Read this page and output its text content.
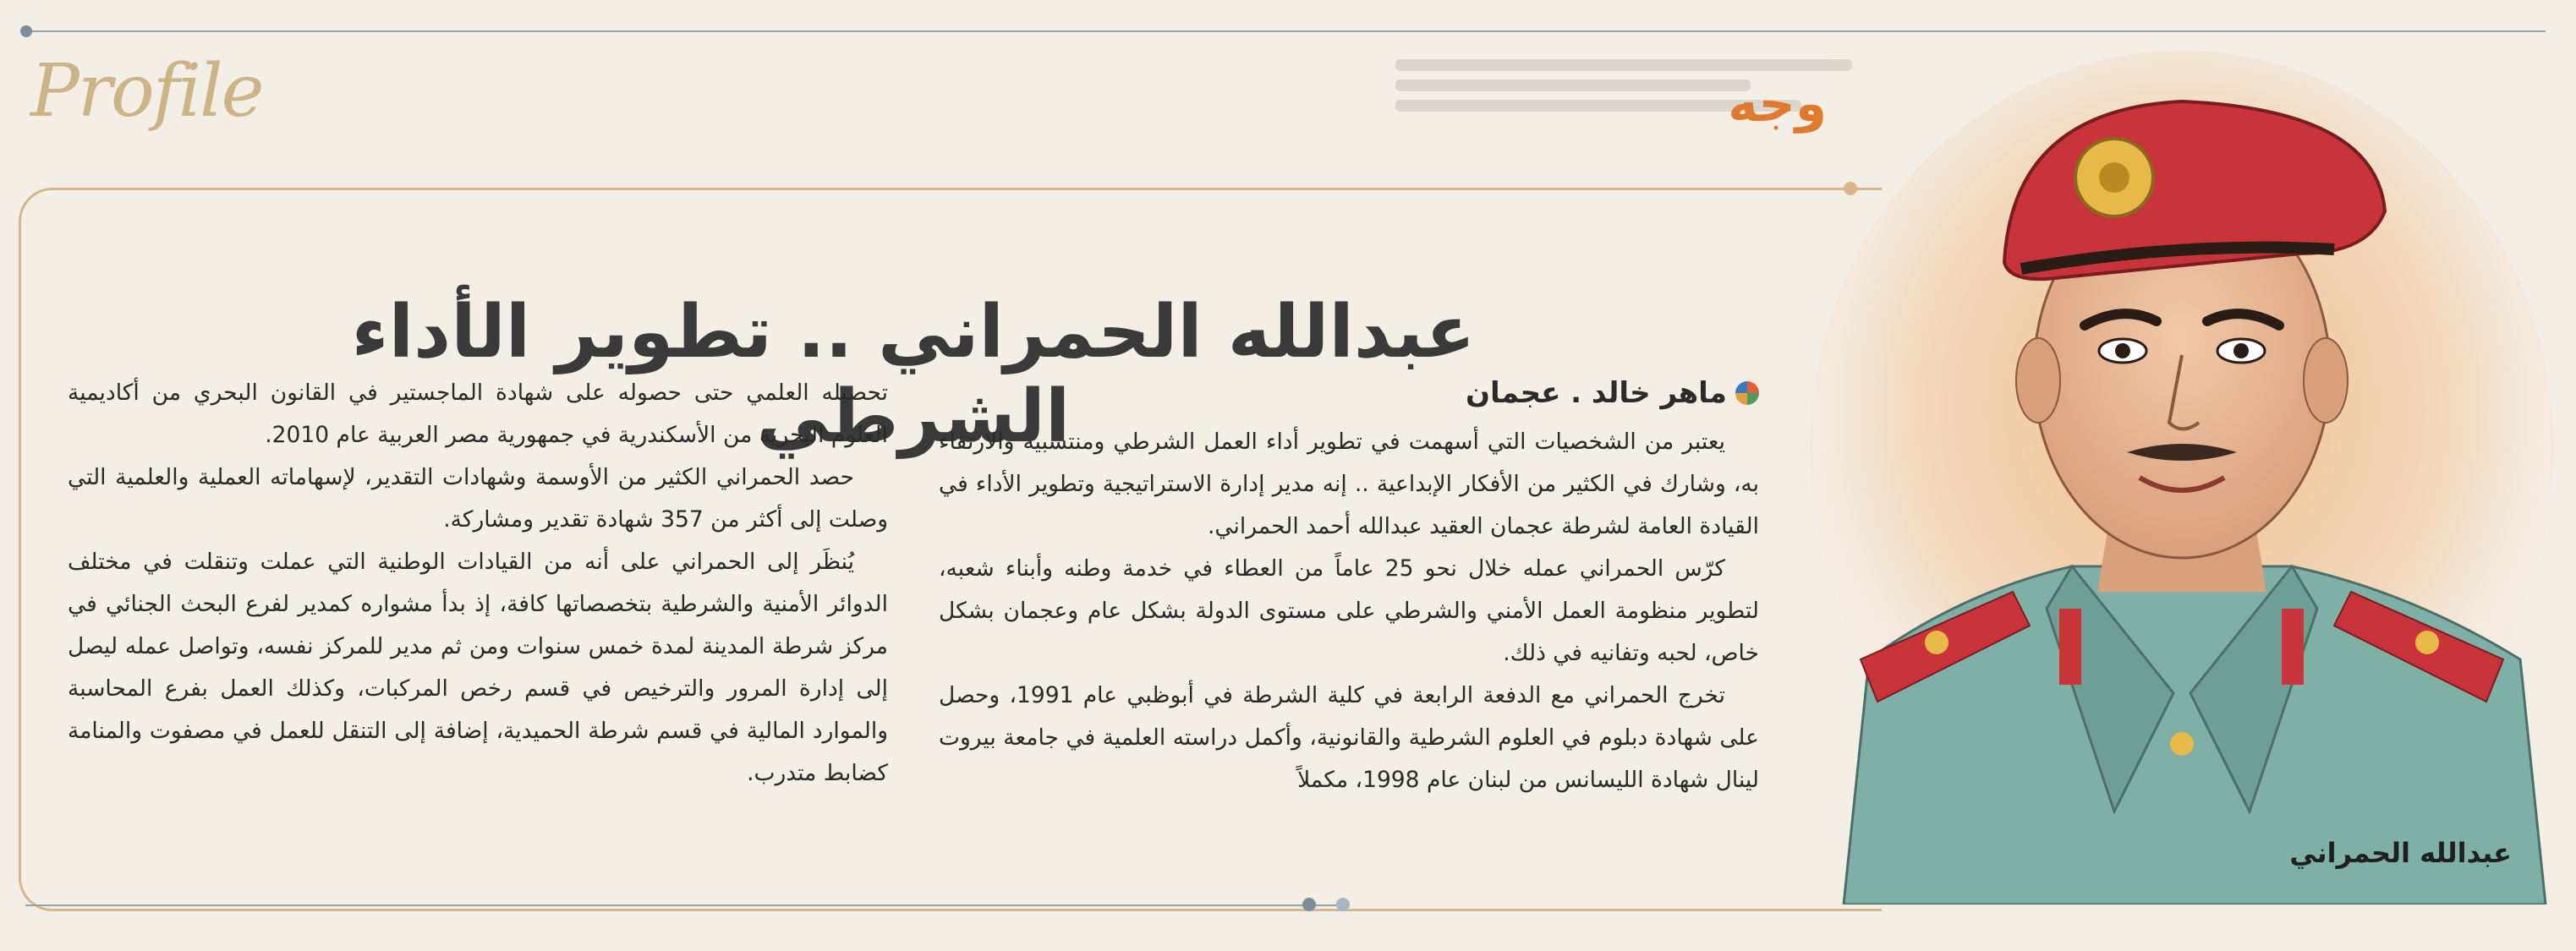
Profile	وجه
عبدالله الحمراني .. تطوير الأداء الشرطي	ماهر خالد . عجمان

يعتبر من الشخصيات التي أسهمت في تطوير أداء العمل الشرطي ومنتسبيه والارتقاء به، وشارك في الكثير من الأفكار الإبداعية .. إنه مدير إدارة الاستراتيجية وتطوير الأداء في القيادة العامة لشرطة عجمان العقيد عبدالله أحمد الحمراني.

كرّس الحمراني عمله خلال نحو 25 عاماً من العطاء في خدمة وطنه وأبناء شعبه، لتطوير منظومة العمل الأمني والشرطي على مستوى الدولة بشكل عام وعجمان بشكل خاص، لحبه وتفانيه في ذلك.

تخرج الحمراني مع الدفعة الرابعة في كلية الشرطة في أبوظبي عام 1991، وحصل على شهادة دبلوم في العلوم الشرطية والقانونية، وأكمل دراسته العلمية في جامعة بيروت لينال شهادة الليسانس من لبنان عام 1998، مكملاً

تحصيله العلمي حتى حصوله على شهادة الماجستير في القانون البحري من أكاديمية العلوم البحرية من الأسكندرية في جمهورية مصر العربية عام 2010.

حصد الحمراني الكثير من الأوسمة وشهادات التقدير، لإسهاماته العملية والعلمية التي وصلت إلى أكثر من 357 شهادة تقدير ومشاركة.

يُنظَر إلى الحمراني على أنه من القيادات الوطنية التي عملت وتنقلت في مختلف الدوائر الأمنية والشرطية بتخصصاتها كافة، إذ بدأ مشواره كمدير لفرع البحث الجنائي في مركز شرطة المدينة لمدة خمس سنوات ومن ثم مدير للمركز نفسه، وتواصل عمله ليصل إلى إدارة المرور والترخيص في قسم رخص المركبات، وكذلك العمل بفرع المحاسبة والموارد المالية في قسم شرطة الحميدية، إضافة إلى التنقل للعمل في مصفوت والمنامة كضابط متدرب.

عبدالله الحمراني
